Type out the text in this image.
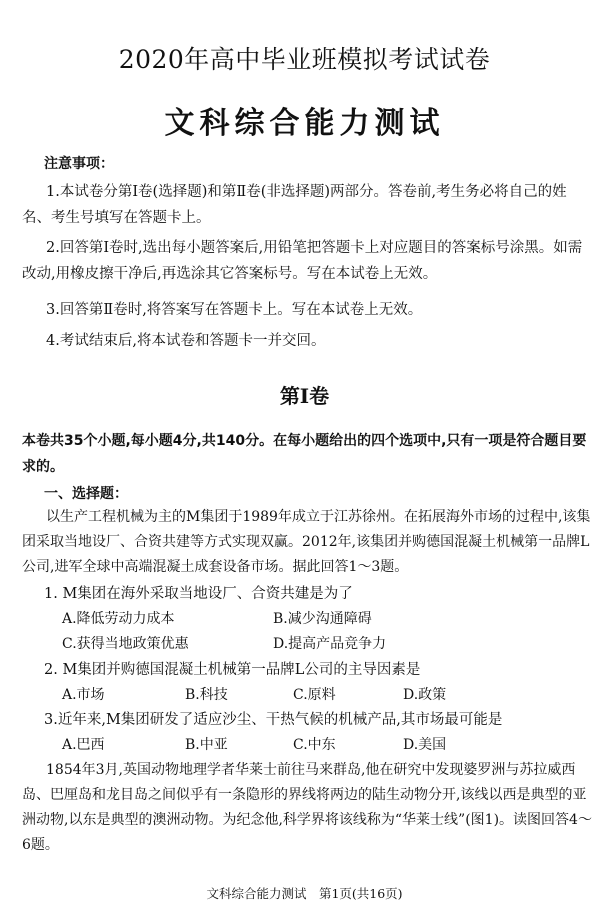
2020年高中毕业班模拟考试试卷
文科综合能力测试
注意事项：
1.本试卷分第Ⅰ卷(选择题)和第Ⅱ卷(非选择题)两部分。答卷前,考生务必将自己的姓名、考生号填写在答题卡上。
2.回答第Ⅰ卷时,选出每小题答案后,用铅笔把答题卡上对应题目的答案标号涂黑。如需改动,用橡皮擦干净后,再选涂其它答案标号。写在本试卷上无效。
3.回答第Ⅱ卷时,将答案写在答题卡上。写在本试卷上无效。
4.考试结束后,将本试卷和答题卡一并交回。
第Ⅰ卷
本卷共35个小题,每小题4分,共140分。在每小题给出的四个选项中,只有一项是符合题目要求的。
一、选择题：
以生产工程机械为主的M集团于1989年成立于江苏徐州。在拓展海外市场的过程中,该集团采取当地设厂、合资共建等方式实现双赢。2012年,该集团并购德国混凝土机械第一品牌L公司,进军全球中高端混凝土成套设备市场。据此回答1～3题。
1. M集团在海外采取当地设厂、合资共建是为了
A.降低劳动力成本	B.减少沟通障碍
C.获得当地政策优惠	D.提高产品竞争力
2. M集团并购德国混凝土机械第一品牌L公司的主导因素是
A.市场	B.科技	C.原料	D.政策
3.近年来,M集团研发了适应沙尘、干热气候的机械产品,其市场最可能是
A.巴西	B.中亚	C.中东	D.美国
1854年3月,英国动物地理学者华莱士前往马来群岛,他在研究中发现婆罗洲与苏拉威西岛、巴厘岛和龙目岛之间似乎有一条隐形的界线将两边的陆生动物分开,该线以西是典型的亚洲动物,以东是典型的澳洲动物。为纪念他,科学界将该线称为“华莱士线”(图1)。读图回答4～6题。
文科综合能力测试　第1页(共16页)
